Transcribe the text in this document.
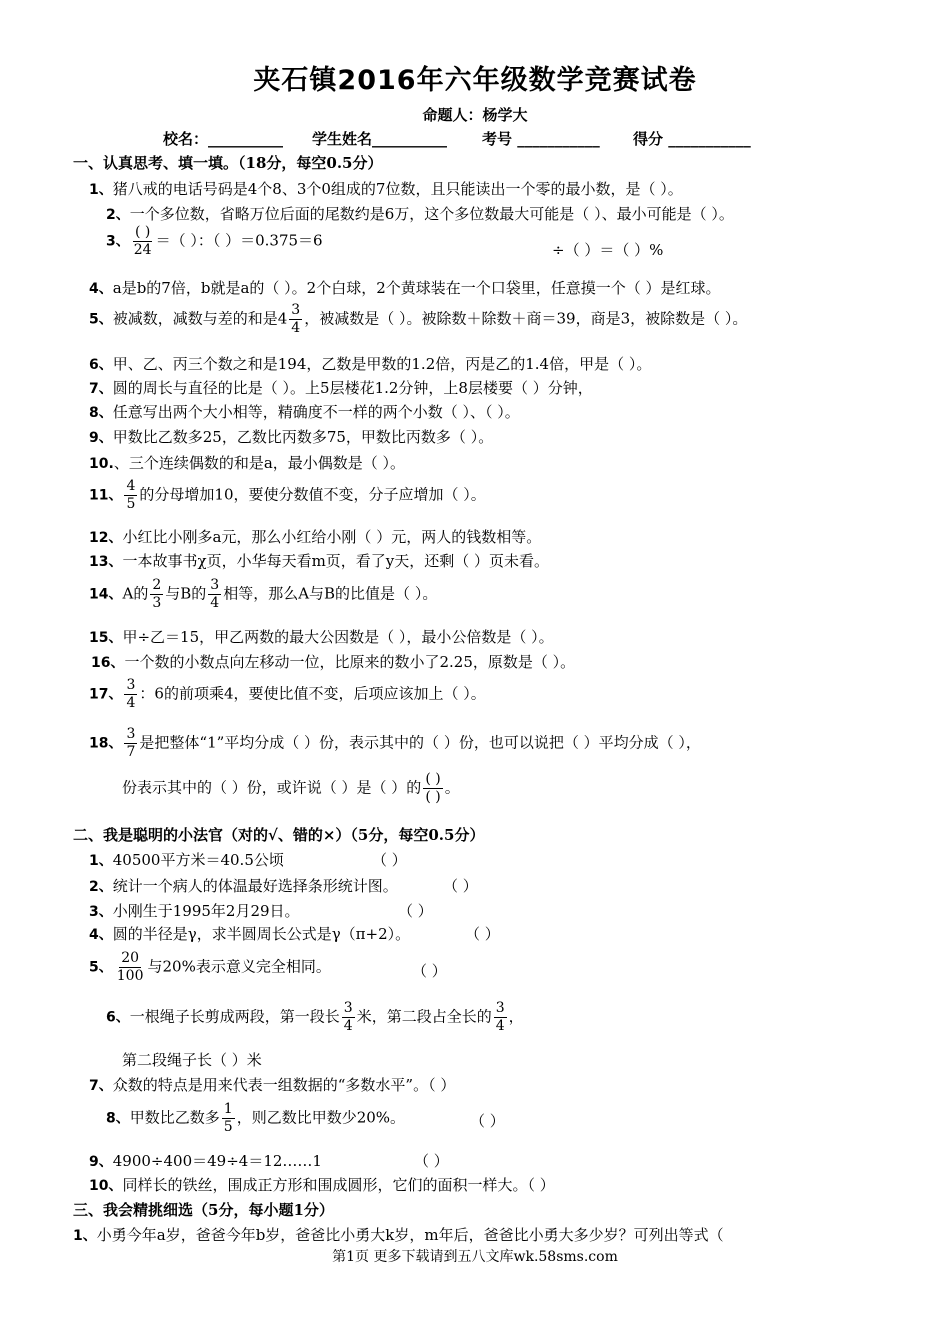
夹石镇2016年六年级数学竞赛试卷
命题人：杨学大
校名：__________ 学生姓名__________ 考号 ___________ 得分 ___________
一、认真思考、填一填。（18分，每空0.5分）
1、猪八戒的电话号码是4个8、3个0组成的7位数，且只能读出一个零的最小数，是（ ）。
2、一个多位数，省略万位后面的尾数约是6万，这个多位数最大可能是（ ）、最小可能是（ ）。
3、 $\frac{( )}{24}$ ＝（ ）：（ ）＝0.375＝6
÷（ ）＝（ ）%
4、a是b的7倍，b就是a的（ ）。2个白球，2个黄球装在一个口袋里，任意摸一个（ ）是红球。
5、被减数，减数与差的和是$4 \frac{3}{4}$ ，被减数是（ ）。被除数＋除数＋商＝39，商是3，被除数是（ ）。
6、甲、乙、丙三个数之和是194，乙数是甲数的1.2倍，丙是乙的1.4倍，甲是（ ）。
7、圆的周长与直径的比是（ ）。上5层楼花1.2分钟，上8层楼要（ ）分钟，
8、任意写出两个大小相等，精确度不一样的两个小数（ ）、（ ）。
9、甲数比乙数多25，乙数比丙数多75，甲数比丙数多（ ）。
10.、三个连续偶数的和是a，最小偶数是（ ）。
11、 $\frac{4}{5}$ 的分母增加10，要使分数值不变，分子应增加（ ）。
12、小红比小刚多a元，那么小红给小刚（ ）元，两人的钱数相等。
13、一本故事书χ页，小华每天看m页，看了y天，还剩（ ）页未看。
14、A的 $\frac{2}{3}$ 与B的 $\frac{3}{4}$ 相等，那么A与B的比值是（ ）。
15、甲÷乙＝15，甲乙两数的最大公因数是（ ），最小公倍数是（ ）。
16、一个数的小数点向左移动一位，比原来的数小了2.25，原数是（ ）。
17、 $\frac{3}{4}$ ：6的前项乘4，要使比值不变，后项应该加上（ ）。
18、 $\frac{3}{7}$ 是把整体“1”平均分成（ ）份，表示其中的（ ）份，也可以说把（ ）平均分成（ ），
份表示其中的（ ）份，或许说（ ）是（ ）的 $\frac{( )}{( )}$ 。
二、我是聪明的小法官（对的√、错的×）（5分，每空0.5分）
1、40500平方米＝40.5公顷	（ ）
2、统计一个病人的体温最好选择条形统计图。	（ ）
3、小刚生于1995年2月29日。	（ ）
4、圆的半径是γ，求半圆周长公式是γ（π+2）。	（ ）
5、 $\frac{20}{100}$ 与20%表示意义完全相同。	（ ）
6、一根绳子长剪成两段，第一段长 $\frac{3}{4}$ 米，第二段占全长的 $\frac{3}{4}$ ，
第二段绳子长（ ）米
7、众数的特点是用来代表一组数据的“多数水平”。（ ）
8、甲数比乙数多 $\frac{1}{5}$ ，则乙数比甲数少20%。	（ ）
9、4900÷400＝49÷4＝12……1	（ ）
10、同样长的铁丝，围成正方形和围成圆形，它们的面积一样大。（ ）
三、我会精挑细选（5分，每小题1分）
1、小勇今年a岁，爸爸今年b岁，爸爸比小勇大k岁，m年后，爸爸比小勇大多少岁？可列出等式（
第1页 更多下载请到五八文库wk.58sms.com
